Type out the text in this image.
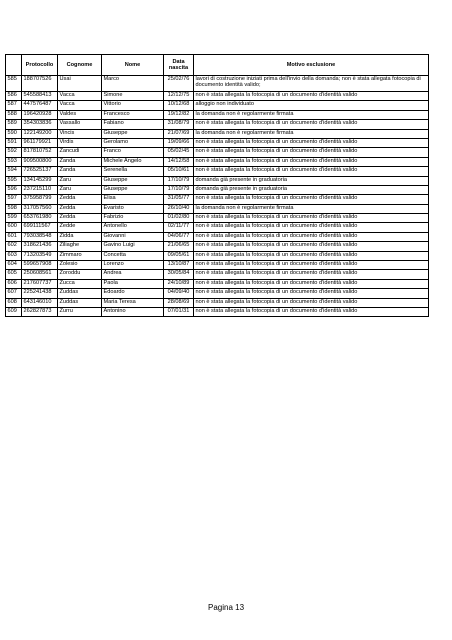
	Protocollo	Cognome	Nome	Data nascita	Motivo esclusione
585	188707526	Usai	Marco	25/02/76	lavori di costruzione iniziati prima dell'invio della domanda; non è stata allegata fotocopia di documento identità valido;
586	545588413	Vacca	Simone	12/12/75	non è stata allegata la fotocopia di un documento d'identità valido
587	447576487	Vacca	Vittorio	10/12/68	alloggio non individuato
588	196420928	Valdes	Francesco	19/12/82	la domanda non è regolarmente firmata
589	354303836	Vassallo	Fabiano	31/08/79	non è stata allegata la fotocopia di un documento d'identità valido
590	122149200	Vincis	Giuseppe	21/07/69	la domanda non è regolarmente firmata
591	961179921	Virdis	Gerolamo	19/09/66	non è stata allegata la fotocopia di un documento d'identità valido
592	817810752	Zancudi	Franco	05/02/45	non è stata allegata la fotocopia di un documento d'identità valido
593	909500800	Zanda	Michele Angelo	14/12/58	non è stata allegata la fotocopia di un documento d'identità valido
594	726525137	Zanda	Serenella	05/10/61	non è stata allegata la fotocopia di un documento d'identità valido
595	134145299	Zaru	Giuseppe	17/10/79	domanda già presente in graduatoria
596	237215110	Zaru	Giuseppe	17/10/79	domanda già presente in graduatoria
597	375958799	Zedda	Elisa	31/05/77	non è stata allegata la fotocopia di un documento d'identità valido
598	317057560	Zedda	Evaristo	26/10/40	la domanda non è regolarmente firmata
599	653761980	Zedda	Fabrizio	01/02/80	non è stata allegata la fotocopia di un documento d'identità valido
600	699111567	Zedde	Antonello	02/11/77	non è stata allegata la fotocopia di un documento d'identità valido
601	793038548	Zidda	Giovanni	04/06/77	non è stata allegata la fotocopia di un documento d'identità valido
602	318621436	Ziliaghe	Gavino Luigi	21/06/65	non è stata allegata la fotocopia di un documento d'identità valido
603	713203549	Zimmaro	Concetta	09/05/61	non è stata allegata la fotocopia di un documento d'identità valido
604	599657908	Zolesio	Lorenzo	13/10/87	non è stata allegata la fotocopia di un documento d'identità valido
605	250608561	Zoroddu	Andrea	30/05/84	non è stata allegata la fotocopia di un documento d'identità valido
606	217607737	Zucca	Paola	24/10/89	non è stata allegata la fotocopia di un documento d'identità valido
607	225241438	Zuddas	Edoardo	04/09/40	non è stata allegata la fotocopia di un documento d'identità valido
608	643146010	Zuddas	Maria Teresa	28/08/69	non è stata allegata la fotocopia di un documento d'identità valido
609	262827873	Zurru	Antonino	07/01/31	non è stata allegata la fotocopia di un documento d'identità valido
Pagina 13
